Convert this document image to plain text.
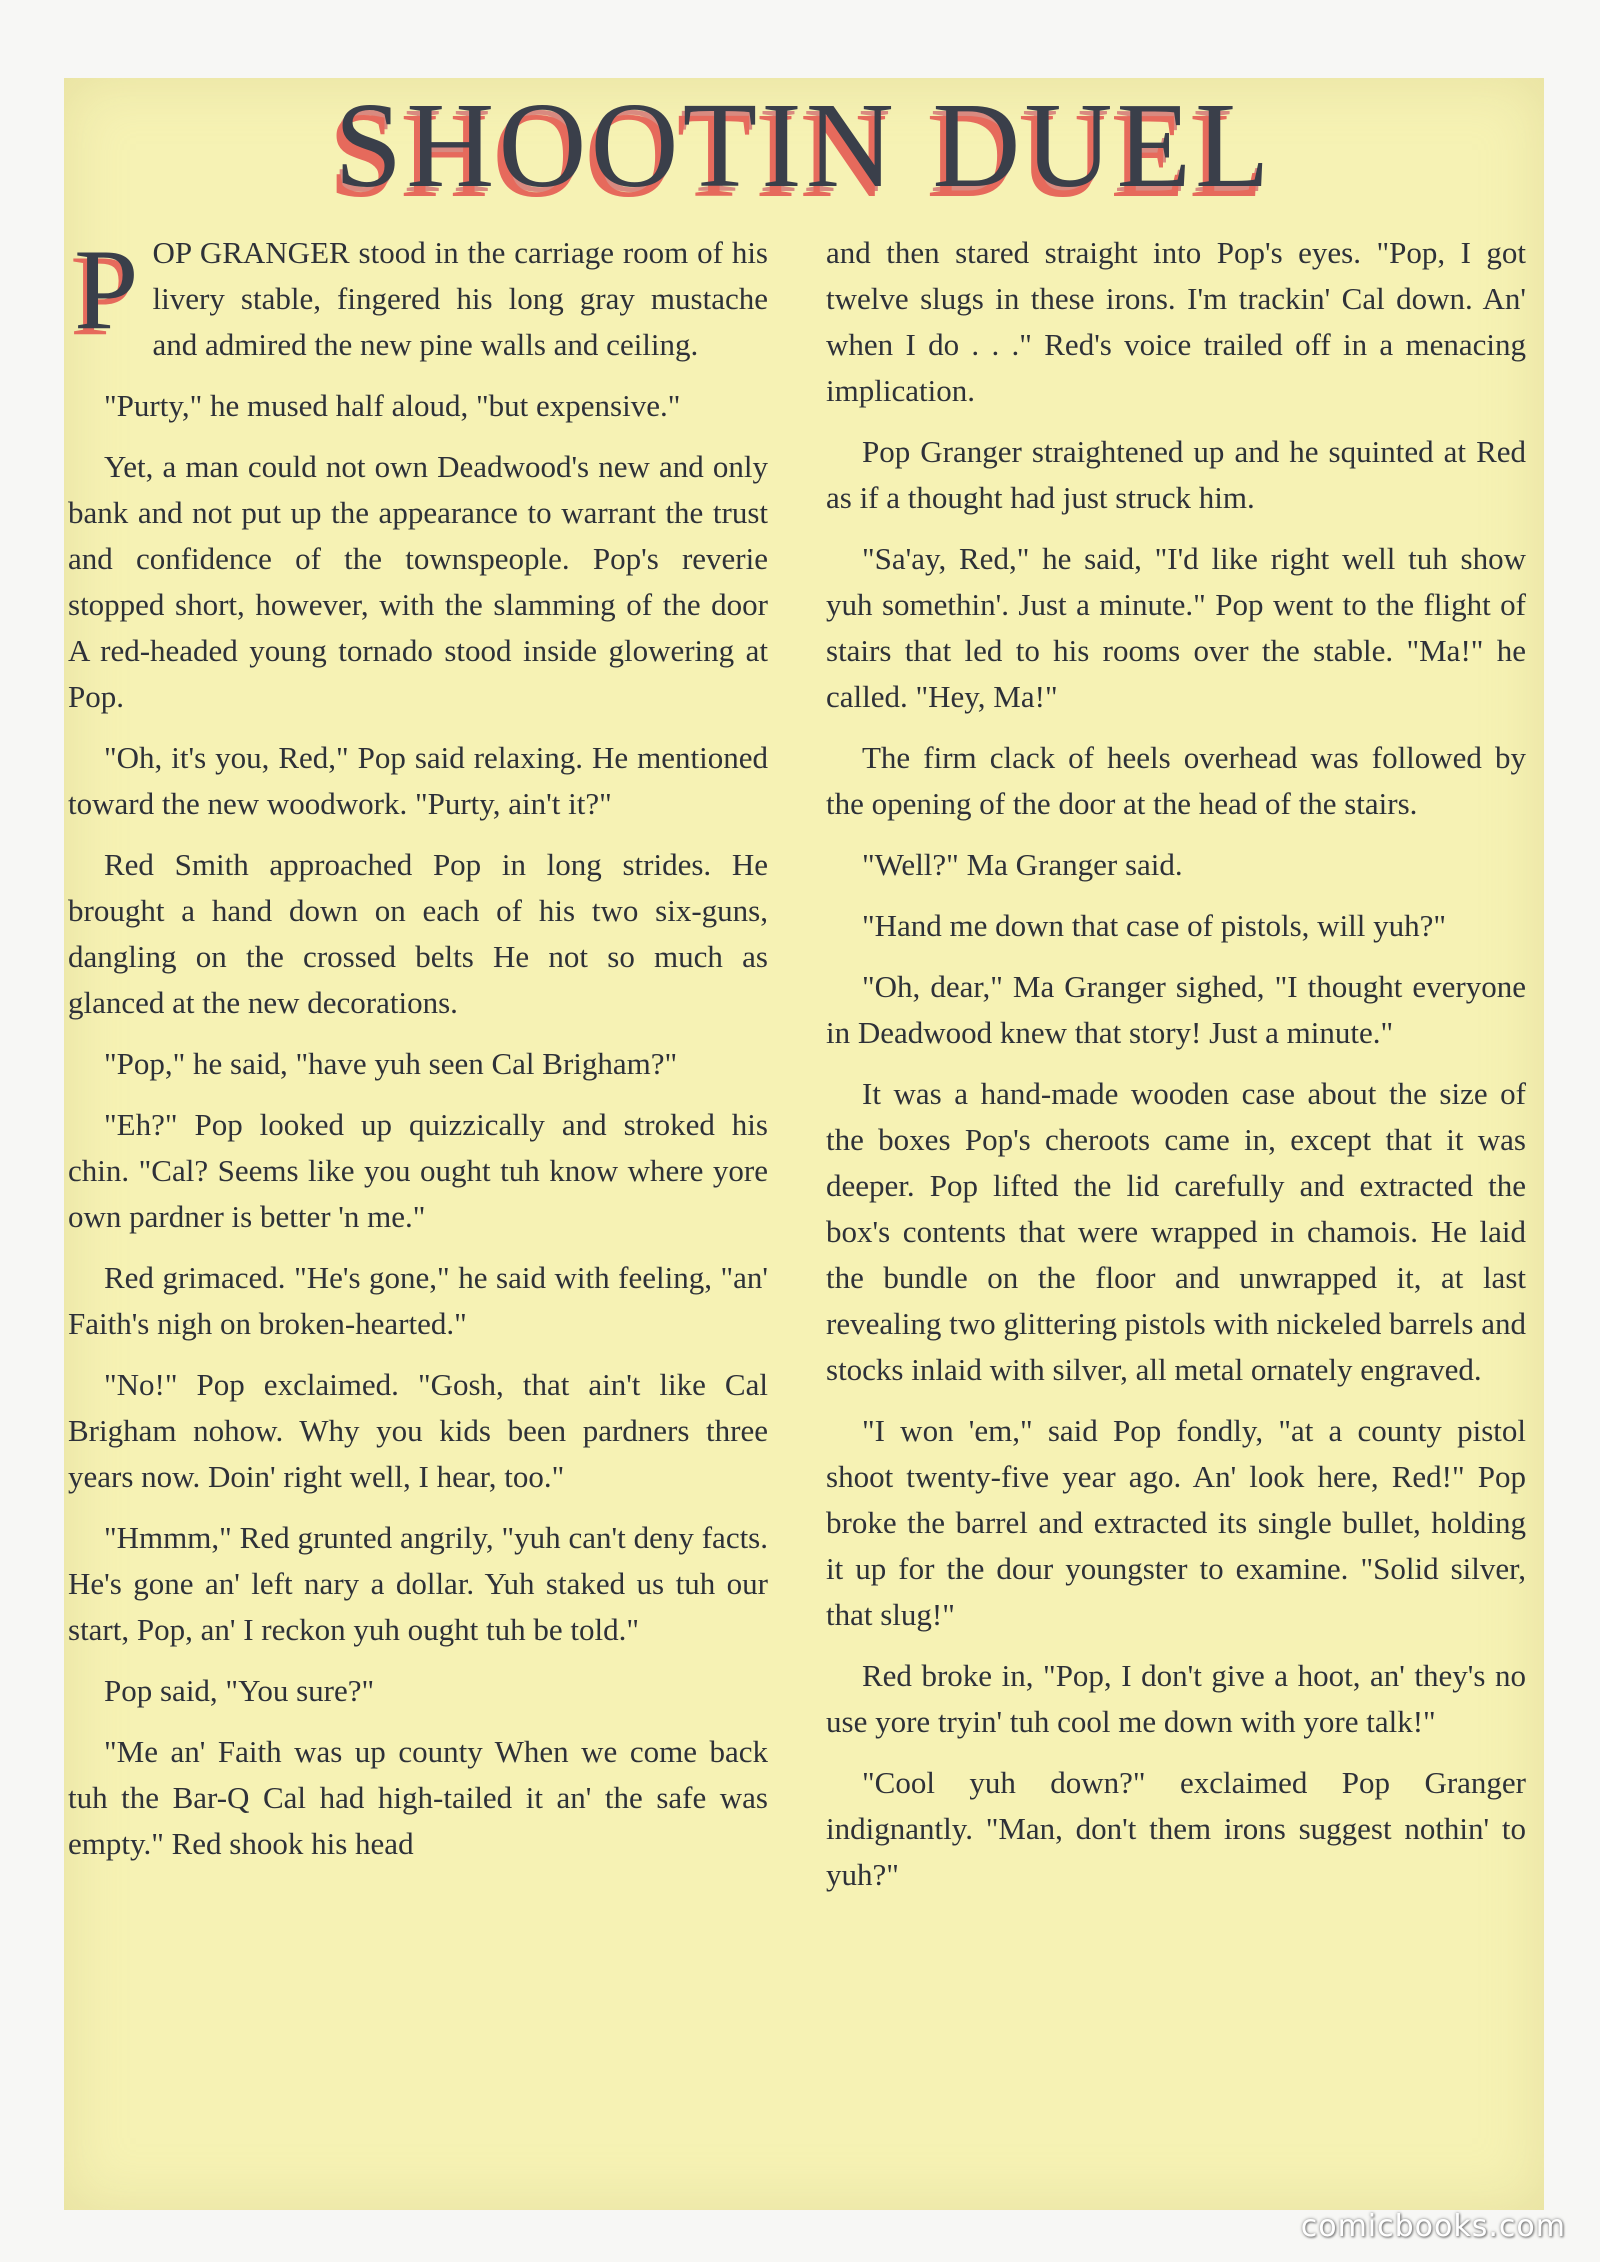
SHOOTIN DUEL

POP GRANGER stood in the carriage room of his livery stable, fingered his long gray mustache and admired the new pine walls and ceiling.

"Purty," he mused half aloud, "but expensive."

Yet, a man could not own Deadwood's new and only bank and not put up the appearance to warrant the trust and confidence of the townspeople. Pop's reverie stopped short, however, with the slamming of the door A red-headed young tornado stood inside glowering at Pop.

"Oh, it's you, Red," Pop said relaxing. He mentioned toward the new woodwork. "Purty, ain't it?"

Red Smith approached Pop in long strides. He brought a hand down on each of his two six-guns, dangling on the crossed belts He not so much as glanced at the new decorations.

"Pop," he said, "have yuh seen Cal Brigham?"

"Eh?" Pop looked up quizzically and stroked his chin. "Cal? Seems like you ought tuh know where yore own pardner is better 'n me."

Red grimaced. "He's gone," he said with feeling, "an' Faith's nigh on broken-hearted."

"No!" Pop exclaimed. "Gosh, that ain't like Cal Brigham nohow. Why you kids been pardners three years now. Doin' right well, I hear, too."

"Hmmm," Red grunted angrily, "yuh can't deny facts. He's gone an' left nary a dollar. Yuh staked us tuh our start, Pop, an' I reckon yuh ought tuh be told."

Pop said, "You sure?"

"Me an' Faith was up county When we come back tuh the Bar-Q Cal had high-tailed it an' the safe was empty." Red shook his head

and then stared straight into Pop's eyes. "Pop, I got twelve slugs in these irons. I'm trackin' Cal down. An' when I do . . ." Red's voice trailed off in a menacing implication.

Pop Granger straightened up and he squinted at Red as if a thought had just struck him.

"Sa'ay, Red," he said, "I'd like right well tuh show yuh somethin'. Just a minute." Pop went to the flight of stairs that led to his rooms over the stable. "Ma!" he called. "Hey, Ma!"

The firm clack of heels overhead was followed by the opening of the door at the head of the stairs.

"Well?" Ma Granger said.

"Hand me down that case of pistols, will yuh?"

"Oh, dear," Ma Granger sighed, "I thought everyone in Deadwood knew that story! Just a minute."

It was a hand-made wooden case about the size of the boxes Pop's cheroots came in, except that it was deeper. Pop lifted the lid carefully and extracted the box's contents that were wrapped in chamois. He laid the bundle on the floor and unwrapped it, at last revealing two glittering pistols with nickeled barrels and stocks inlaid with silver, all metal ornately engraved.

"I won 'em," said Pop fondly, "at a county pistol shoot twenty-five year ago. An' look here, Red!" Pop broke the barrel and extracted its single bullet, holding it up for the dour youngster to examine. "Solid silver, that slug!"

Red broke in, "Pop, I don't give a hoot, an' they's no use yore tryin' tuh cool me down with yore talk!"

"Cool yuh down?" exclaimed Pop Granger indignantly. "Man, don't them irons suggest nothin' to yuh?"

comicbooks.com
